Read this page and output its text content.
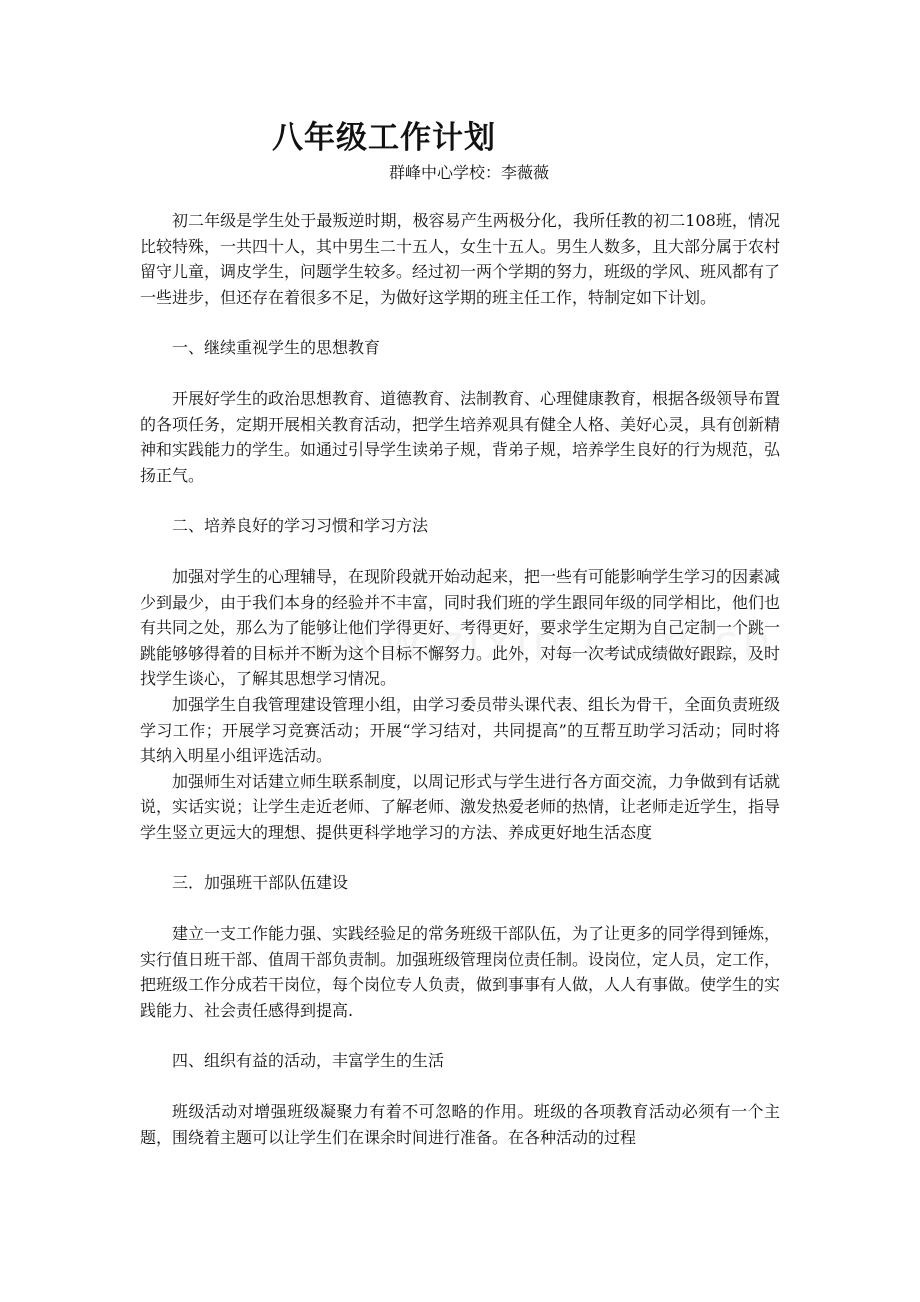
八年级工作计划

群峰中心学校：李薇薇

初二年级是学生处于最叛逆时期，极容易产生两极分化，我所任教的初二108班，情况比较特殊，一共四十人，其中男生二十五人，女生十五人。男生人数多，且大部分属于农村留守儿童，调皮学生，问题学生较多。经过初一两个学期的努力，班级的学风、班风都有了一些进步，但还存在着很多不足，为做好这学期的班主任工作，特制定如下计划。

一、继续重视学生的思想教育

开展好学生的政治思想教育、道德教育、法制教育、心理健康教育，根据各级领导布置的各项任务，定期开展相关教育活动，把学生培养观具有健全人格、美好心灵，具有创新精神和实践能力的学生。如通过引导学生读弟子规，背弟子规，培养学生良好的行为规范，弘扬正气。

二、培养良好的学习习惯和学习方法

加强对学生的心理辅导，在现阶段就开始动起来，把一些有可能影响学生学习的因素减少到最少，由于我们本身的经验并不丰富，同时我们班的学生跟同年级的同学相比，他们也有共同之处，那么为了能够让他们学得更好、考得更好，要求学生定期为自己定制一个跳一跳能够够得着的目标并不断为这个目标不懈努力。此外，对每一次考试成绩做好跟踪，及时找学生谈心，了解其思想学习情况。

加强学生自我管理建设管理小组，由学习委员带头课代表、组长为骨干，全面负责班级学习工作；开展学习竞赛活动；开展“学习结对，共同提高”的互帮互助学习活动；同时将其纳入明星小组评选活动。

加强师生对话建立师生联系制度，以周记形式与学生进行各方面交流，力争做到有话就说，实话实说；让学生走近老师、了解老师、激发热爱老师的热情，让老师走近学生，指导学生竖立更远大的理想、提供更科学地学习的方法、养成更好地生活态度

三．加强班干部队伍建设

建立一支工作能力强、实践经验足的常务班级干部队伍，为了让更多的同学得到锤炼，实行值日班干部、值周干部负责制。加强班级管理岗位责任制。设岗位，定人员，定工作，把班级工作分成若干岗位，每个岗位专人负责，做到事事有人做，人人有事做。使学生的实践能力、社会责任感得到提高.

四、组织有益的活动，丰富学生的生活

班级活动对增强班级凝聚力有着不可忽略的作用。班级的各项教育活动必须有一个主题，围绕着主题可以让学生们在课余时间进行准备。在各种活动的过程
